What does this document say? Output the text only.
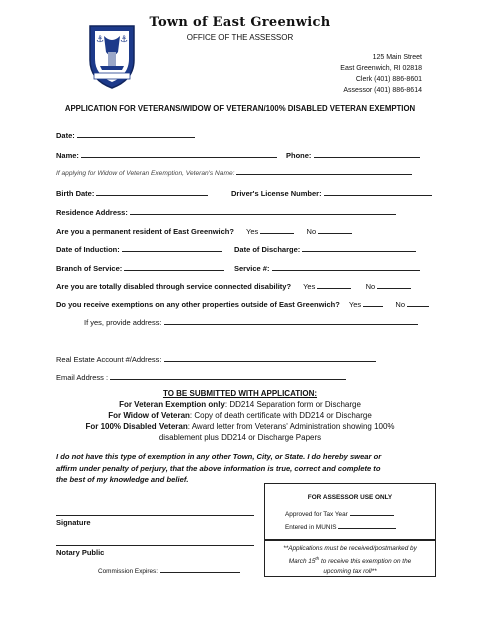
⚓ ⚓
Town of East Greenwich
OFFICE OF THE ASSESSOR
125 Main Street
East Greenwich, RI 02818
Clerk (401) 886-8601
Assessor (401) 886-8614
APPLICATION FOR VETERANS/WIDOW OF VETERAN/100% DISABLED VETERAN EXEMPTION
Date:
Name:	Phone:
If applying for Widow of Veteran Exemption, Veteran's Name:
Birth Date:	Driver's License Number:
Residence Address:
Are you a permanent resident of East Greenwich? Yes	No
Date of Induction:	Date of Discharge:
Branch of Service:	Service #:
Are you are totally disabled through service connected disability? Yes	No
Do you receive exemptions on any other properties outside of East Greenwich? Yes	No
If yes, provide address:
Real Estate Account #/Address:
Email Address :
TO BE SUBMITTED WITH APPLICATION:
For Veteran Exemption only: DD214 Separation form or Discharge
For Widow of Veteran: Copy of death certificate with DD214 or Discharge
For 100% Disabled Veteran: Award letter from Veterans' Administration showing 100%
disablement plus DD214 or Discharge Papers
I do not have this type of exemption in any other Town, City, or State. I do hereby swear or
affirm under penalty of perjury, that the above information is true, correct and complete to
the best of my knowledge and belief.
Signature
Notary Public
Commission Expires:
FOR ASSESSOR USE ONLY
Approved for Tax Year
Entered in MUNIS
**Applications must be received/postmarked by
March 15th to receive this exemption on the
upcoming tax roll**
